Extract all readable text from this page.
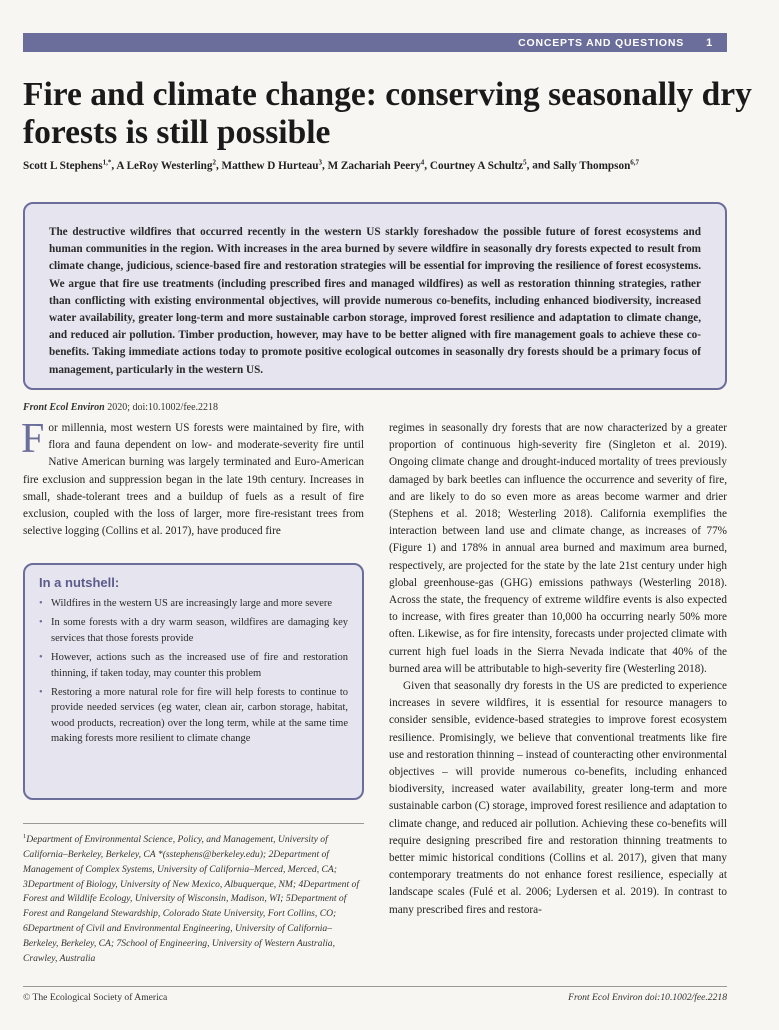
CONCEPTS AND QUESTIONS 1
Fire and climate change: conserving seasonally dry forests is still possible
Scott L Stephens$^{1,*}$, A LeRoy Westerling$^2$, Matthew D Hurteau$^3$, M Zachariah Peery$^4$, Courtney A Schultz$^5$, and Sally Thompson$^{6,7}$
The destructive wildfires that occurred recently in the western US starkly foreshadow the possible future of forest ecosystems and human communities in the region. With increases in the area burned by severe wildfire in seasonally dry forests expected to result from climate change, judicious, science-based fire and restoration strategies will be essential for improving the resilience of forest ecosystems. We argue that fire use treatments (including prescribed fires and managed wildfires) as well as restoration thinning strategies, rather than conflicting with existing environmental objectives, will provide numerous co-benefits, including enhanced biodiversity, increased water availability, greater long-term and more sustainable carbon storage, improved forest resilience and adaptation to climate change, and reduced air pollution. Timber production, however, may have to be better aligned with fire management goals to achieve these co-benefits. Taking immediate actions today to promote positive ecological outcomes in seasonally dry forests should be a primary focus of management, particularly in the western US.
Front Ecol Environ 2020; doi:10.1002/fee.2218
For millennia, most western US forests were maintained by fire, with flora and fauna dependent on low- and moderate-severity fire until Native American burning was largely terminated and Euro-American fire exclusion and suppression began in the late 19th century. Increases in small, shade-tolerant trees and a buildup of fuels as a result of fire exclusion, coupled with the loss of larger, more fire-resistant trees from selective logging (Collins et al. 2017), have produced fire
In a nutshell:
• Wildfires in the western US are increasingly large and more severe
• In some forests with a dry warm season, wildfires are damaging key services that those forests provide
• However, actions such as the increased use of fire and restoration thinning, if taken today, may counter this problem
• Restoring a more natural role for fire will help forests to continue to provide needed services (eg water, clean air, carbon storage, habitat, wood products, recreation) over the long term, while at the same time making forests more resilient to climate change
$^1$Department of Environmental Science, Policy, and Management, University of California–Berkeley, Berkeley, CA *(sstephens@berkeley.edu); 2Department of Management of Complex Systems, University of California–Merced, Merced, CA; 3Department of Biology, University of New Mexico, Albuquerque, NM; 4Department of Forest and Wildlife Ecology, University of Wisconsin, Madison, WI; 5Department of Forest and Rangeland Stewardship, Colorado State University, Fort Collins, CO; 6Department of Civil and Environmental Engineering, University of California–Berkeley, Berkeley, CA; 7School of Engineering, University of Western Australia, Crawley, Australia

regimes in seasonally dry forests that are now characterized by a greater proportion of continuous high-severity fire (Singleton et al. 2019). Ongoing climate change and drought-induced mortality of trees previously damaged by bark beetles can influence the occurrence and severity of fire, and are likely to do so even more as areas become warmer and drier (Stephens et al. 2018; Westerling 2018). California exemplifies the interaction between land use and climate change, as increases of 77% (Figure 1) and 178% in annual area burned and maximum area burned, respectively, are projected for the state by the late 21st century under high global greenhouse-gas (GHG) emissions pathways (Westerling 2018). Across the state, the frequency of extreme wildfire events is also expected to increase, with fires greater than 10,000 ha occurring nearly 50% more often. Likewise, as for fire intensity, forecasts under projected climate with current high fuel loads in the Sierra Nevada indicate that 40% of the burned area will be attributable to high-severity fire (Westerling 2018).

Given that seasonally dry forests in the US are predicted to experience increases in severe wildfires, it is essential for resource managers to consider sensible, evidence-based strategies to improve forest ecosystem resilience. Promisingly, we believe that conventional treatments like fire use and restoration thinning – instead of counteracting other environmental objectives – will provide numerous co-benefits, including enhanced biodiversity, increased water availability, greater long-term and more sustainable carbon (C) storage, improved forest resilience and adaptation to climate change, and reduced air pollution. Achieving these co-benefits will require designing prescribed fire and restoration thinning treatments to better mimic historical conditions (Collins et al. 2017), given that many contemporary treatments do not enhance forest resilience, especially at landscape scales (Fulé et al. 2006; Lydersen et al. 2019). In contrast to many prescribed fires and restora-

© The Ecological Society of America	Front Ecol Environ doi:10.1002/fee.2218
